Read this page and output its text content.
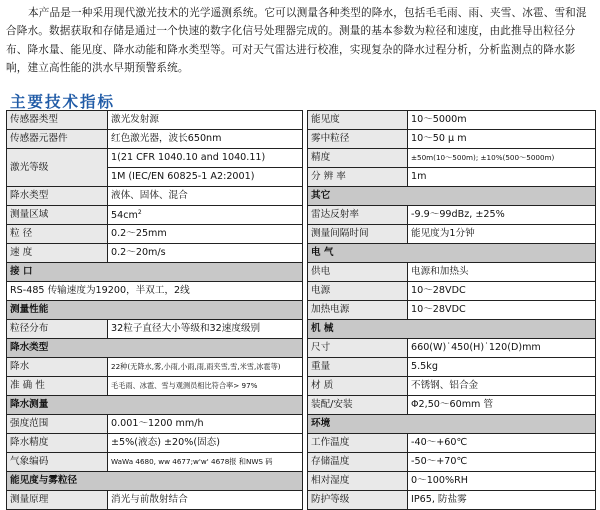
本产品是一种采用现代激光技术的光学遥测系统。它可以测量各种类型的降水，包括毛毛雨、雨、夹雪、冰雹、雪和混合降水。数据获取和存储是通过一个快速的数字化信号处理器完成的。测量的基本参数为粒径和速度，由此推导出粒径分布、降水量、能见度、降水动能和降水类型等。可对天气雷达进行校准，实现复杂的降水过程分析，分析监测点的降水影响，建立高性能的洪水早期预警系统。
主要技术指标
传感器类型	激光发射源
传感器元器件	红色激光器，波长650nm
激光等级	1(21 CFR 1040.10 and 1040.11)
	1M (IEC/EN 60825-1 A2:2001)
降水类型	液体、固体、混合
测量区域	$54cm^2$
粒 径	0.2～25mm
速 度	0.2～20m/s
接 口	
RS-485 传输速度为19200，半双工，2线	
测量性能	
粒径分布	32粒子直径大小等级和32速度级别
降水类型	
降水	22种(无降水,雾,小雨,小雨,雨,雨夹雪,雪,米雪,冰雹等)
准 确 性	毛毛雨、冰雹、雪与观测员相比符合率> 97%
降水测量	
强度范围	0.001～1200 mm/h
降水精度	±5%(液态) ±20%(固态)
气象编码	WaWa 4680, ww 4677;w'w' 4678报 和NWS 码
能见度与雾粒径	
测量原理	消光与前散射结合
能见度	10～5000m
雾中粒径	10～50 μ m
精度	±50m(10～500m); ±10%(500～5000m)
分 辨 率	1m
其它	
雷达反射率	-9.9～99dBz, ±25%
测量间隔时间	能见度为1分钟
电 气	
供电	电源和加热头
电源	10～28VDC
加热电源	10～28VDC
机 械	
尺寸	660(W)˙450(H)˙120(D)mm
重量	5.5kg
材 质	不锈钢、铝合金
装配/安装	Φ2,50～60mm 管
环境	
工作温度	-40～+60℃
存储温度	-50～+70℃
相对湿度	0～100%RH
防护等级	IP65, 防盐雾
